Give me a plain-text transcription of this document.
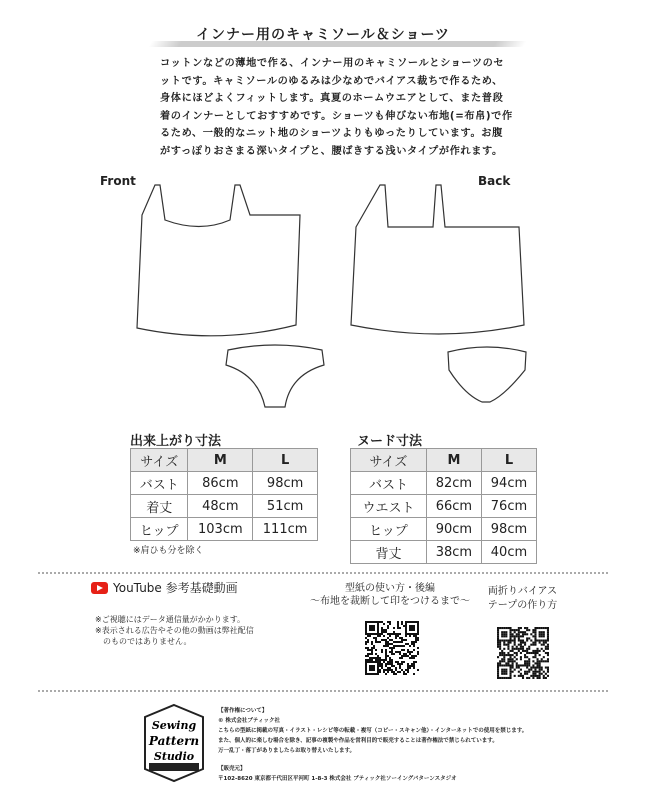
インナー用のキャミソール＆ショーツ
コットンなどの薄地で作る、インナー用のキャミソールとショーツのセ
ットです。キャミソールのゆるみは少なめでバイアス裁ちで作るため、
身体にほどよくフィットします。真夏のホームウエアとして、また普段
着のインナーとしておすすめです。ショーツも伸びない布地(=布帛)で作
るため、一般的なニット地のショーツよりもゆったりしています。お腹
がすっぽりおさまる深いタイプと、腰ばきする浅いタイプが作れます。
Front	Back
出来上がり寸法
サイズ	M	L
バスト	86cm	98cm
着丈	48cm	51cm
ヒップ	103cm	111cm
※肩ひも分を除く
ヌード寸法
サイズ	M	L
バスト	82cm	94cm
ウエスト	66cm	76cm
ヒップ	90cm	98cm
背丈	38cm	40cm
YouTube 参考基礎動画
※ご視聴にはデータ通信量がかかります。
※表示される広告やその他の動画は弊社配信
　のものではありません。
型紙の使い方・後編
〜布地を裁断して印をつけるまで〜
両折りバイアス
テープの作り方
Sewing
Pattern
Studio
【著作権について】
© 株式会社ブティック社
こちらの型紙に掲載の写真・イラスト・レシピ等の転載・複写（コピー・スキャン他）・インターネットでの使用を禁じます。
また、個人的に楽しむ場合を除き、記事の複製や作品を営利目的で販売することは著作権法で禁じられています。
万一乱丁・落丁がありましたらお取り替えいたします。
【販売元】
〒102-8620 東京都千代田区平河町 1-8-3 株式会社 ブティック社ソーイングパターンスタジオ
